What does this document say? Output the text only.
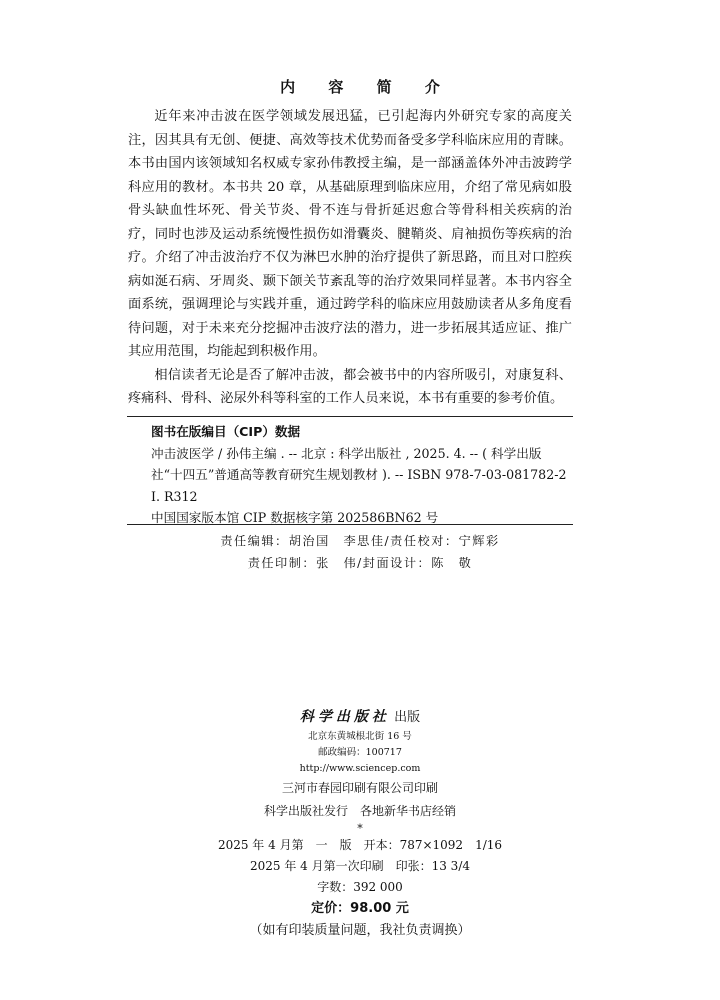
内 容 简 介

近年来冲击波在医学领域发展迅猛，已引起海内外研究专家的高度关注，因其具有无创、便捷、高效等技术优势而备受多学科临床应用的青睐。本书由国内该领域知名权威专家孙伟教授主编，是一部涵盖体外冲击波跨学科应用的教材。本书共 20 章，从基础原理到临床应用，介绍了常见病如股骨头缺血性坏死、骨关节炎、骨不连与骨折延迟愈合等骨科相关疾病的治疗，同时也涉及运动系统慢性损伤如滑囊炎、腱鞘炎、肩袖损伤等疾病的治疗。介绍了冲击波治疗不仅为淋巴水肿的治疗提供了新思路，而且对口腔疾病如涎石病、牙周炎、颞下颌关节紊乱等的治疗效果同样显著。本书内容全面系统，强调理论与实践并重，通过跨学科的临床应用鼓励读者从多角度看待问题，对于未来充分挖掘冲击波疗法的潜力，进一步拓展其适应证、推广其应用范围，均能起到积极作用。

相信读者无论是否了解冲击波，都会被书中的内容所吸引，对康复科、疼痛科、骨科、泌尿外科等科室的工作人员来说，本书有重要的参考价值。

图书在版编目（CIP）数据

冲击波医学 / 孙伟主编 . -- 北京 : 科学出版社 , 2025. 4. -- ( 科学出版社“十四五”普通高等教育研究生规划教材 ). -- ISBN 978-7-03-081782-2

Ⅰ. R312

中国国家版本馆 CIP 数据核字第 202586BN62 号

责任编辑：胡治国　李思佳/责任校对：宁辉彩
责任印制：张　伟/封面设计：陈　敬
科学出版社 出版
北京东黄城根北街 16 号
邮政编码：100717
http://www.sciencep.com
三河市春园印刷有限公司印刷
科学出版社发行　各地新华书店经销
*
2025 年 4 月第　一　版　开本：787×1092　1/16
2025 年 4 月第一次印刷　印张：13 3/4
字数：392 000
定价：98.00 元
（如有印装质量问题，我社负责调换）
